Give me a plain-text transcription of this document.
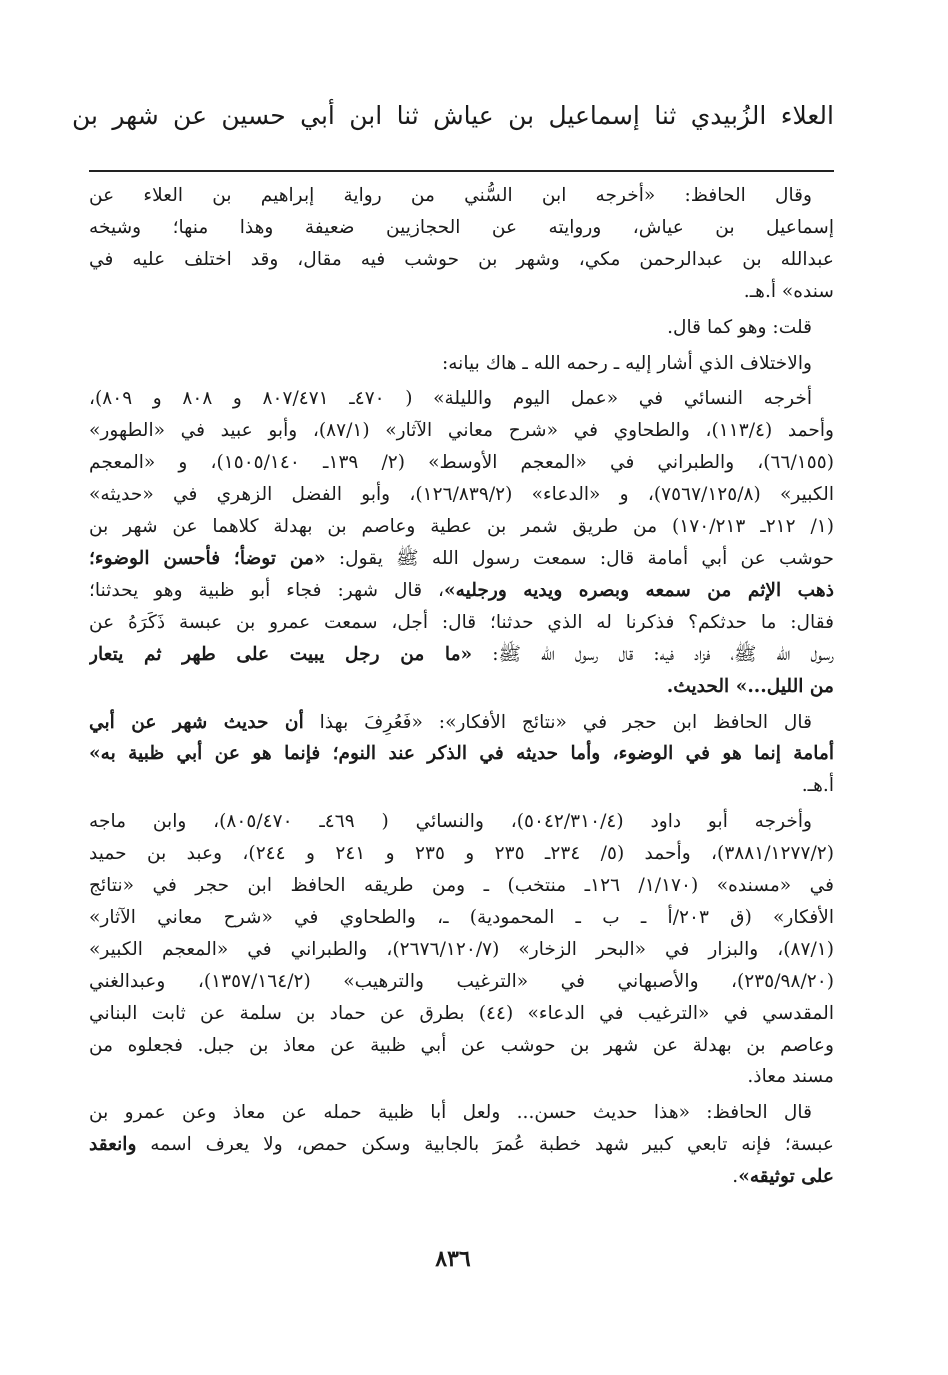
العلاء الزُبيدي ثنا إسماعيل بن عياش ثنا ابن أبي حسين عن شهر بن

وقال الحافظ: «أخرجه ابن السُّني من رواية إبراهيم بن العلاء عن
إسماعيل بن عياش، وروايته عن الحجازيين ضعيفة وهذا منها؛ وشيخه
عبدالله بن عبدالرحمن مكي، وشهر بن حوشب فيه مقال، وقد اختلف عليه في
سنده» أ.هـ.

قلت: وهو كما قال.

والاختلاف الذي أشار إليه ـ رحمه الله ـ هاك بيانه:

أخرجه النسائي في «عمل اليوم والليلة» ( ٤٧٠ـ ٨٠٧/٤٧١ و ٨٠٨ و ٨٠٩)،
وأحمد (١١٣/٤)، والطحاوي في «شرح معاني الآثار» (٨٧/١)، وأبو عبيد في «الطهور»
(٦٦/١٥٥)، والطبراني في «المعجم الأوسط» (٢/ ١٣٩ـ ١٥٠٥/١٤٠)، و «المعجم
الكبير» (٧٥٦٧/١٢٥/٨)، و «الدعاء» (١٢٦/٨٣٩/٢)، وأبو الفضل الزهري في «حديثه»
(١/ ٢١٢ـ ١٧٠/٢١٣) من طريق شمر بن عطية وعاصم بن بهدلة كلاهما عن شهر بن
حوشب عن أبي أمامة قال: سمعت رسول الله ﷺ يقول: «من توضأ؛ فأحسن الوضوء؛
ذهب الإثم من سمعه وبصره ويديه ورجليه»، قال شهر: فجاء أبو ظبية وهو يحدثنا؛
فقال: ما حدثكم؟ فذكرنا له الذي حدثنا؛ قال: أجل، سمعت عمرو بن عبسة ذَكَرَهُ عن
رسول الله ﷺ، فزاد فيه: قال رسول الله ﷺ: «ما من رجل يبيت على طهر ثم يتعار
من الليل...» الحديث.

قال الحافظ ابن حجر في «نتائج الأفكار»: «فَعُرِفَ بهذا أن حديث شهر عن أبي
أمامة إنما هو في الوضوء، وأما حديثه في الذكر عند النوم؛ فإنما هو عن أبي ظبية به»
أ.هـ.

وأخرجه أبو داود (٥٠٤٢/٣١٠/٤)، والنسائي ( ٤٦٩ـ ٨٠٥/٤٧٠)، وابن ماجه
(٣٨٨١/١٢٧٧/٢)، وأحمد (٥/ ٢٣٤ـ ٢٣٥ و ٢٣٥ و ٢٤١ و ٢٤٤)، وعبد بن حميد
في «مسنده» (١/١٧٠/ ١٢٦ـ منتخب) ـ ومن طريقه الحافظ ابن حجر في «نتائج
الأفكار» (ق ٢٠٣/أ ـ ب ـ المحمودية) ـ، والطحاوي في «شرح معاني الآثار»
(٨٧/١)، والبزار في «البحر الزخار» (٢٦٧٦/١٢٠/٧)، والطبراني في «المعجم الكبير»
(٢٣٥/٩٨/٢٠)، والأصبهاني في «الترغيب والترهيب» (١٣٥٧/١٦٤/٢)، وعبدالغني
المقدسي في «الترغيب في الدعاء» (٤٤) بطرق عن حماد بن سلمة عن ثابت البناني
وعاصم بن بهدلة عن شهر بن حوشب عن أبي ظبية عن معاذ بن جبل. فجعلوه من
مسند معاذ.

قال الحافظ: «هذا حديث حسن... ولعل أبا ظبية حمله عن معاذ وعن عمرو بن
عبسة؛ فإنه تابعي كبير شهد خطبة عُمرَ بالجابية وسكن حمص، ولا يعرف اسمه وانعقد
على توثيقه».

٨٣٦
